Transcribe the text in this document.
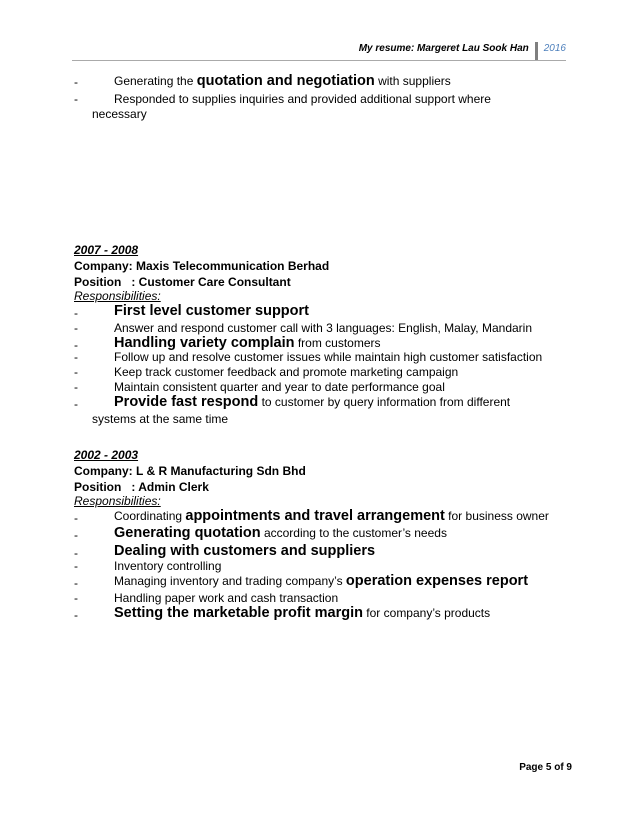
My resume: Margeret Lau Sook Han	2016
-	Generating the quotation and negotiation with suppliers
-	Responded to supplies inquiries and provided additional support where
necessary
2007 - 2008
Company: Maxis Telecommunication Berhad
Position   : Customer Care Consultant
Responsibilities:
- First level customer support
-	Answer and respond customer call with 3 languages: English, Malay, Mandarin
- Handling variety complain from customers
-	Follow up and resolve customer issues while maintain high customer satisfaction
-	Keep track customer feedback and promote marketing campaign
-	Maintain consistent quarter and year to date performance goal
- Provide fast respond to customer by query information from different
systems at the same time
2002 - 2003
Company: L & R Manufacturing Sdn Bhd
Position   : Admin Clerk
Responsibilities:
-	Coordinating appointments and travel arrangement for business owner
- Generating quotation according to the customer’s needs
- Dealing with customers and suppliers
-	Inventory controlling
-	Managing inventory and trading company’s operation expenses report
-	Handling paper work and cash transaction
- Setting the marketable profit margin for company’s products
Page 5 of 9
